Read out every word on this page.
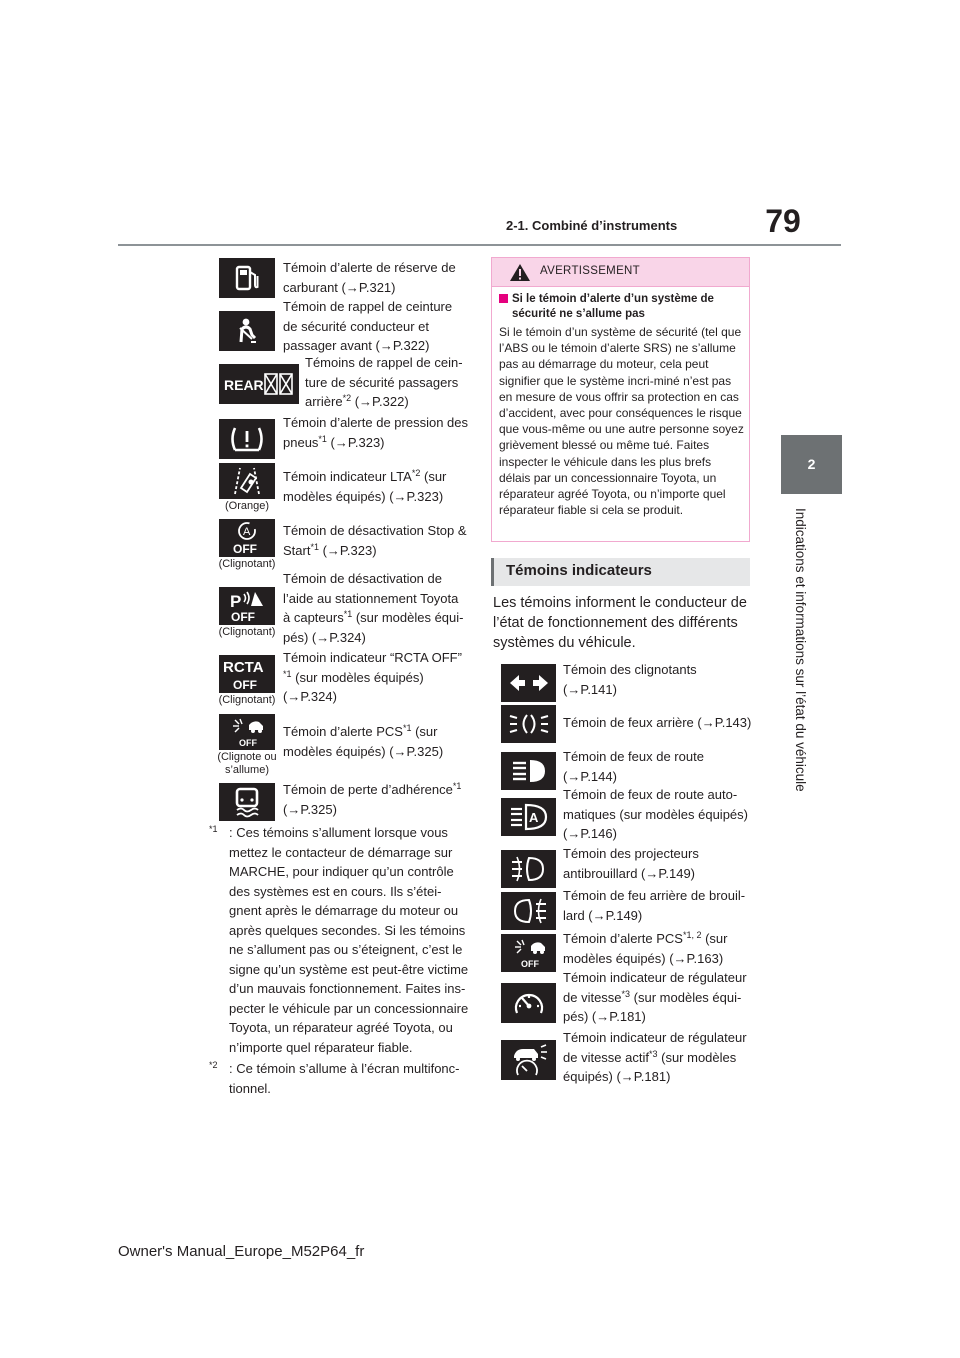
2-1. Combiné d’instruments	79
2
Indications et informations sur l’état du véhicule
Témoin d’alerte de réserve de carburant (→P.321)
Témoin de rappel de ceinture de sécurité conducteur et passager avant (→P.322)
REAR
Témoins de rappel de cein-ture de sécurité passagers arrière$^{*2}$ (→P.322)
Témoin d’alerte de pression des pneus$^{*1}$ (→P.323)
(Orange)
Témoin indicateur LTA$^{*2}$ (sur modèles équipés) (→P.323)
A
OFF
(Clignotant)
Témoin de désactivation Stop & Start$^{*1}$ (→P.323)
P
OFF
(Clignotant)
Témoin de désactivation de l’aide au stationnement Toyota à capteurs$^{*1}$ (sur modèles équi-pés) (→P.324)
RCTA
OFF
(Clignotant)
Témoin indicateur “RCTA OFF”
$^{*1}$ (sur modèles équipés) (→P.324)
OFF
(Clignote ou s’allume)
Témoin d’alerte PCS$^{*1}$ (sur modèles équipés) (→P.325)
Témoin de perte d’adhérence$^{*1}$
(→P.325)
$^{*1}$ : Ces témoins s’allument lorsque vous mettez le contacteur de démarrage sur MARCHE, pour indiquer qu’un contrôle des systèmes est en cours. Ils s’étei-gnent après le démarrage du moteur ou après quelques secondes. Si les témoins ne s’allument pas ou s’éteignent, c’est le signe qu’un système est peut-être victime d’un mauvais fonctionnement. Faites ins-pecter le véhicule par un concessionnaire Toyota, un réparateur agréé Toyota, ou n’importe quel réparateur fiable.
$^{*2}$ : Ce témoin s’allume à l’écran multifonc-tionnel.
AVERTISSEMENT
Si le témoin d’alerte d’un système de sécurité ne s’allume pas
Si le témoin d’un système de sécurité (tel que l’ABS ou le témoin d’alerte SRS) ne s’allume pas au démarrage du moteur, cela peut signifier que le système incri-miné n’est pas en mesure de vous offrir sa protection en cas d’accident, avec pour conséquences le risque que vous-même ou une autre personne soyez grièvement blessé ou même tué. Faites inspecter le véhicule dans les plus brefs délais par un concessionnaire Toyota, un réparateur agréé Toyota, ou n’importe quel réparateur fiable si cela se produit.
Témoins indicateurs
Les témoins informent le conducteur de l’état de fonctionnement des différents systèmes du véhicule.
Témoin des clignotants (→P.141)
Témoin de feux arrière (→P.143)
Témoin de feux de route (→P.144)
A
Témoin de feux de route auto-matiques (sur modèles équipés) (→P.146)
Témoin des projecteurs antibrouillard (→P.149)
Témoin de feu arrière de brouil-lard (→P.149)
OFF
Témoin d’alerte PCS$^{*1, 2}$ (sur modèles équipés) (→P.163)
Témoin indicateur de régulateur de vitesse$^{*3}$ (sur modèles équi-pés) (→P.181)
Témoin indicateur de régulateur de vitesse actif$^{*3}$ (sur modèles équipés) (→P.181)
Owner's Manual_Europe_M52P64_fr
